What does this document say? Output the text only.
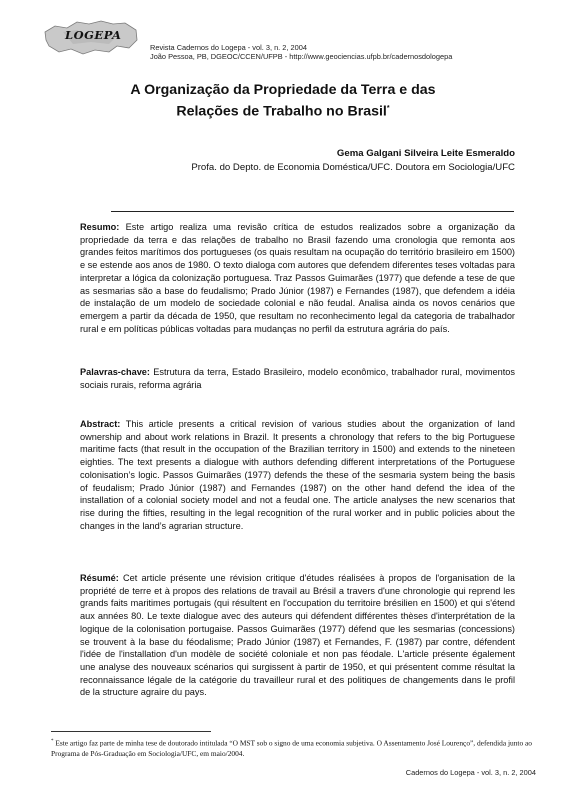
LOGEPA
Revista Cadernos do Logepa - vol. 3, n. 2, 2004
João Pessoa, PB, DGEOC/CCEN/UFPB - http://www.geociencias.ufpb.br/cadernosdologepa
A Organização da Propriedade da Terra e das
Relações de Trabalho no Brasil*
Gema Galgani Silveira Leite Esmeraldo
Profa. do Depto. de Economia Doméstica/UFC. Doutora em Sociologia/UFC
Resumo: Este artigo realiza uma revisão crítica de estudos realizados sobre a organização da propriedade da terra e das relações de trabalho no Brasil fazendo uma cronologia que remonta aos grandes feitos marítimos dos portugueses (os quais resultam na ocupação do território brasileiro em 1500) e se estende aos anos de 1980. O texto dialoga com autores que defendem diferentes teses voltadas para interpretar a lógica da colonização portuguesa. Traz Passos Guimarães (1977) que defende a tese de que as sesmarias são a base do feudalismo; Prado Júnior (1987) e Fernandes (1987), que defendem a idéia de instalação de um modelo de sociedade colonial e não feudal. Analisa ainda os novos cenários que emergem a partir da década de 1950, que resultam no reconhecimento legal da categoria de trabalhador rural e em políticas públicas voltadas para mudanças no perfil da estrutura agrária do país.
Palavras-chave: Estrutura da terra, Estado Brasileiro, modelo econômico, trabalhador rural, movimentos sociais rurais, reforma agrária
Abstract: This article presents a critical revision of various studies about the organization of land ownership and about work relations in Brazil. It presents a chronology that refers to the big Portuguese maritime facts (that result in the occupation of the Brazilian territory in 1500) and extends to the nineteen eighties. The text presents a dialogue with authors defending different interpretations of the Portuguese colonisation’s logic. Passos Guimarães (1977) defends the these of the sesmaria system being the basis of feudalism; Prado Júnior (1987) and Fernandes (1987) on the other hand defend the idea of the installation of a colonial society model and not a feudal one. The article analyses the new scenarios that rise during the fifties, resulting in the legal recognition of the rural worker and in public policies about the changes in the land’s agrarian structure.
Résumé: Cet article présente une révision critique d'études réalisées à propos de l'organisation de la propriété de terre et à propos des relations de travail au Brésil a travers d'une chronologie qui reprend les grands faits maritimes portugais (qui résultent en l'occupation du territoire brésilien en 1500) et qui s'étend aux années 80. Le texte dialogue avec des auteurs qui défendent différentes thèses d'interprétation de la logique de la colonisation portugaise. Passos Guimarães (1977) défend que les sesmarias (concessions) se trouvent à la base du féodalisme; Prado Júnior (1987) et Fernandes, F. (1987) par contre, défendent l'idée de l'installation d'un modèle de société coloniale et non pas féodale. L'article présente également une analyse des nouveaux scénarios qui surgissent à partir de 1950, et qui présentent comme résultat la reconnaissance légale de la catégorie du travailleur rural et des politiques de changements dans le profil de la structure agraire du pays.
* Este artigo faz parte de minha tese de doutorado intitulada “O MST sob o signo de uma economia subjetiva. O Assentamento José Lourenço”, defendida junto ao Programa de Pós-Graduação em Sociologia/UFC, em maio/2004.
Cadernos do Logepa - vol. 3, n. 2, 2004
